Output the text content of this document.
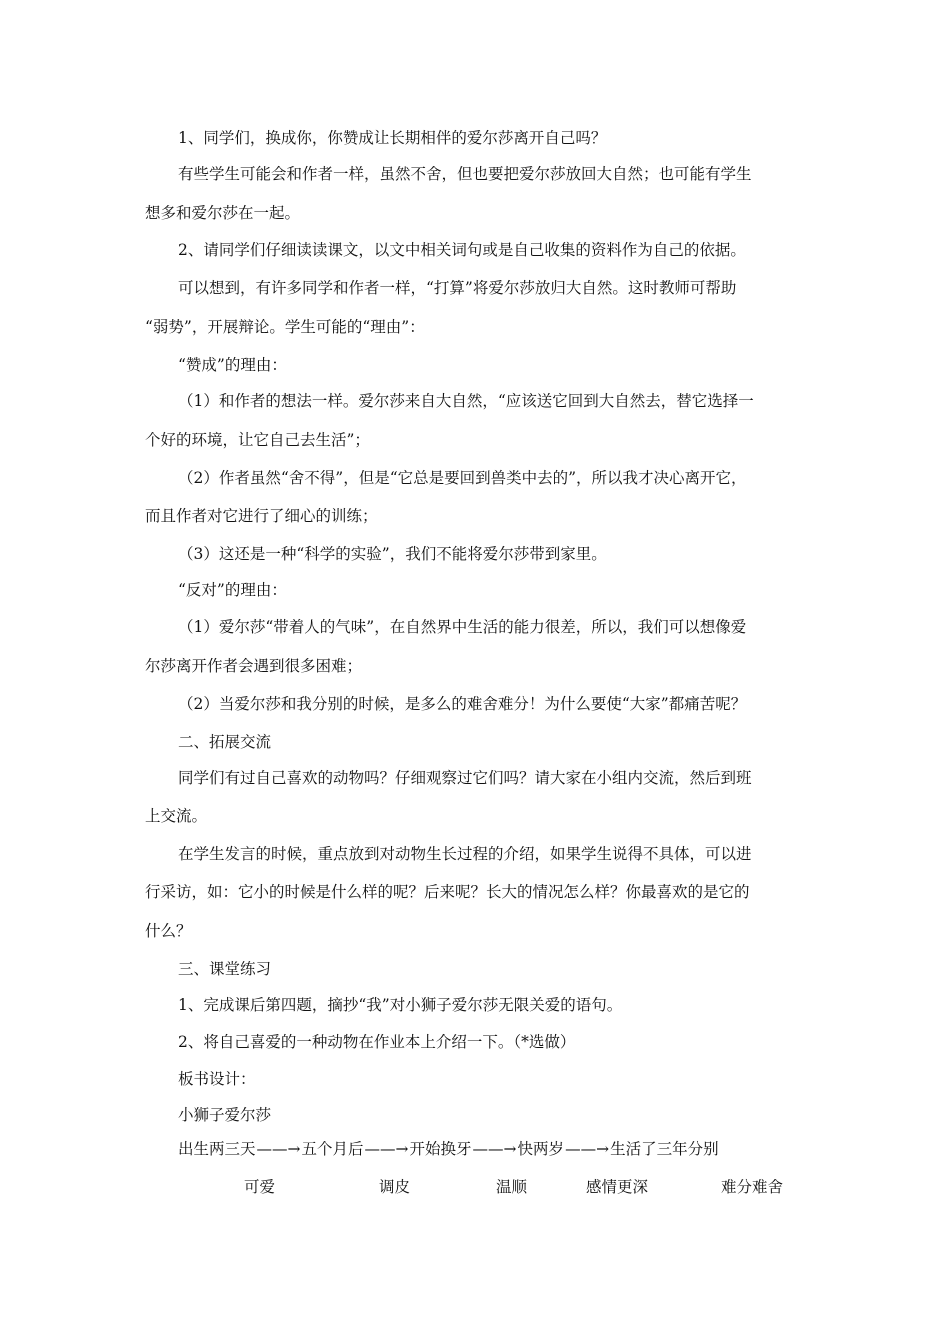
1、同学们，换成你，你赞成让长期相伴的爱尔莎离开自己吗？
有些学生可能会和作者一样，虽然不舍，但也要把爱尔莎放回大自然；也可能有学生
想多和爱尔莎在一起。
2、请同学们仔细读读课文，以文中相关词句或是自己收集的资料作为自己的依据。
可以想到，有许多同学和作者一样，“打算”将爱尔莎放归大自然。这时教师可帮助
“弱势”，开展辩论。学生可能的“理由”：
“赞成”的理由：
（1）和作者的想法一样。爱尔莎来自大自然，“应该送它回到大自然去，替它选择一
个好的环境，让它自己去生活”；
（2）作者虽然“舍不得”，但是“它总是要回到兽类中去的”，所以我才决心离开它，
而且作者对它进行了细心的训练；
（3）这还是一种“科学的实验”，我们不能将爱尔莎带到家里。
“反对”的理由：
（1）爱尔莎“带着人的气味”，在自然界中生活的能力很差，所以，我们可以想像爱
尔莎离开作者会遇到很多困难；
（2）当爱尔莎和我分别的时候，是多么的难舍难分！为什么要使“大家”都痛苦呢？
二、拓展交流
同学们有过自己喜欢的动物吗？仔细观察过它们吗？请大家在小组内交流，然后到班
上交流。
在学生发言的时候，重点放到对动物生长过程的介绍，如果学生说得不具体，可以进
行采访，如：它小的时候是什么样的呢？后来呢？长大的情况怎么样？你最喜欢的是它的
什么？
三、课堂练习
1、完成课后第四题，摘抄“我”对小狮子爱尔莎无限关爱的语句。
2、将自己喜爱的一种动物在作业本上介绍一下。（*选做）
板书设计：
小狮子爱尔莎
出生两三天——→五个月后——→开始换牙——→快两岁——→生活了三年分别
可爱	调皮	温顺	感情更深	难分难舍
